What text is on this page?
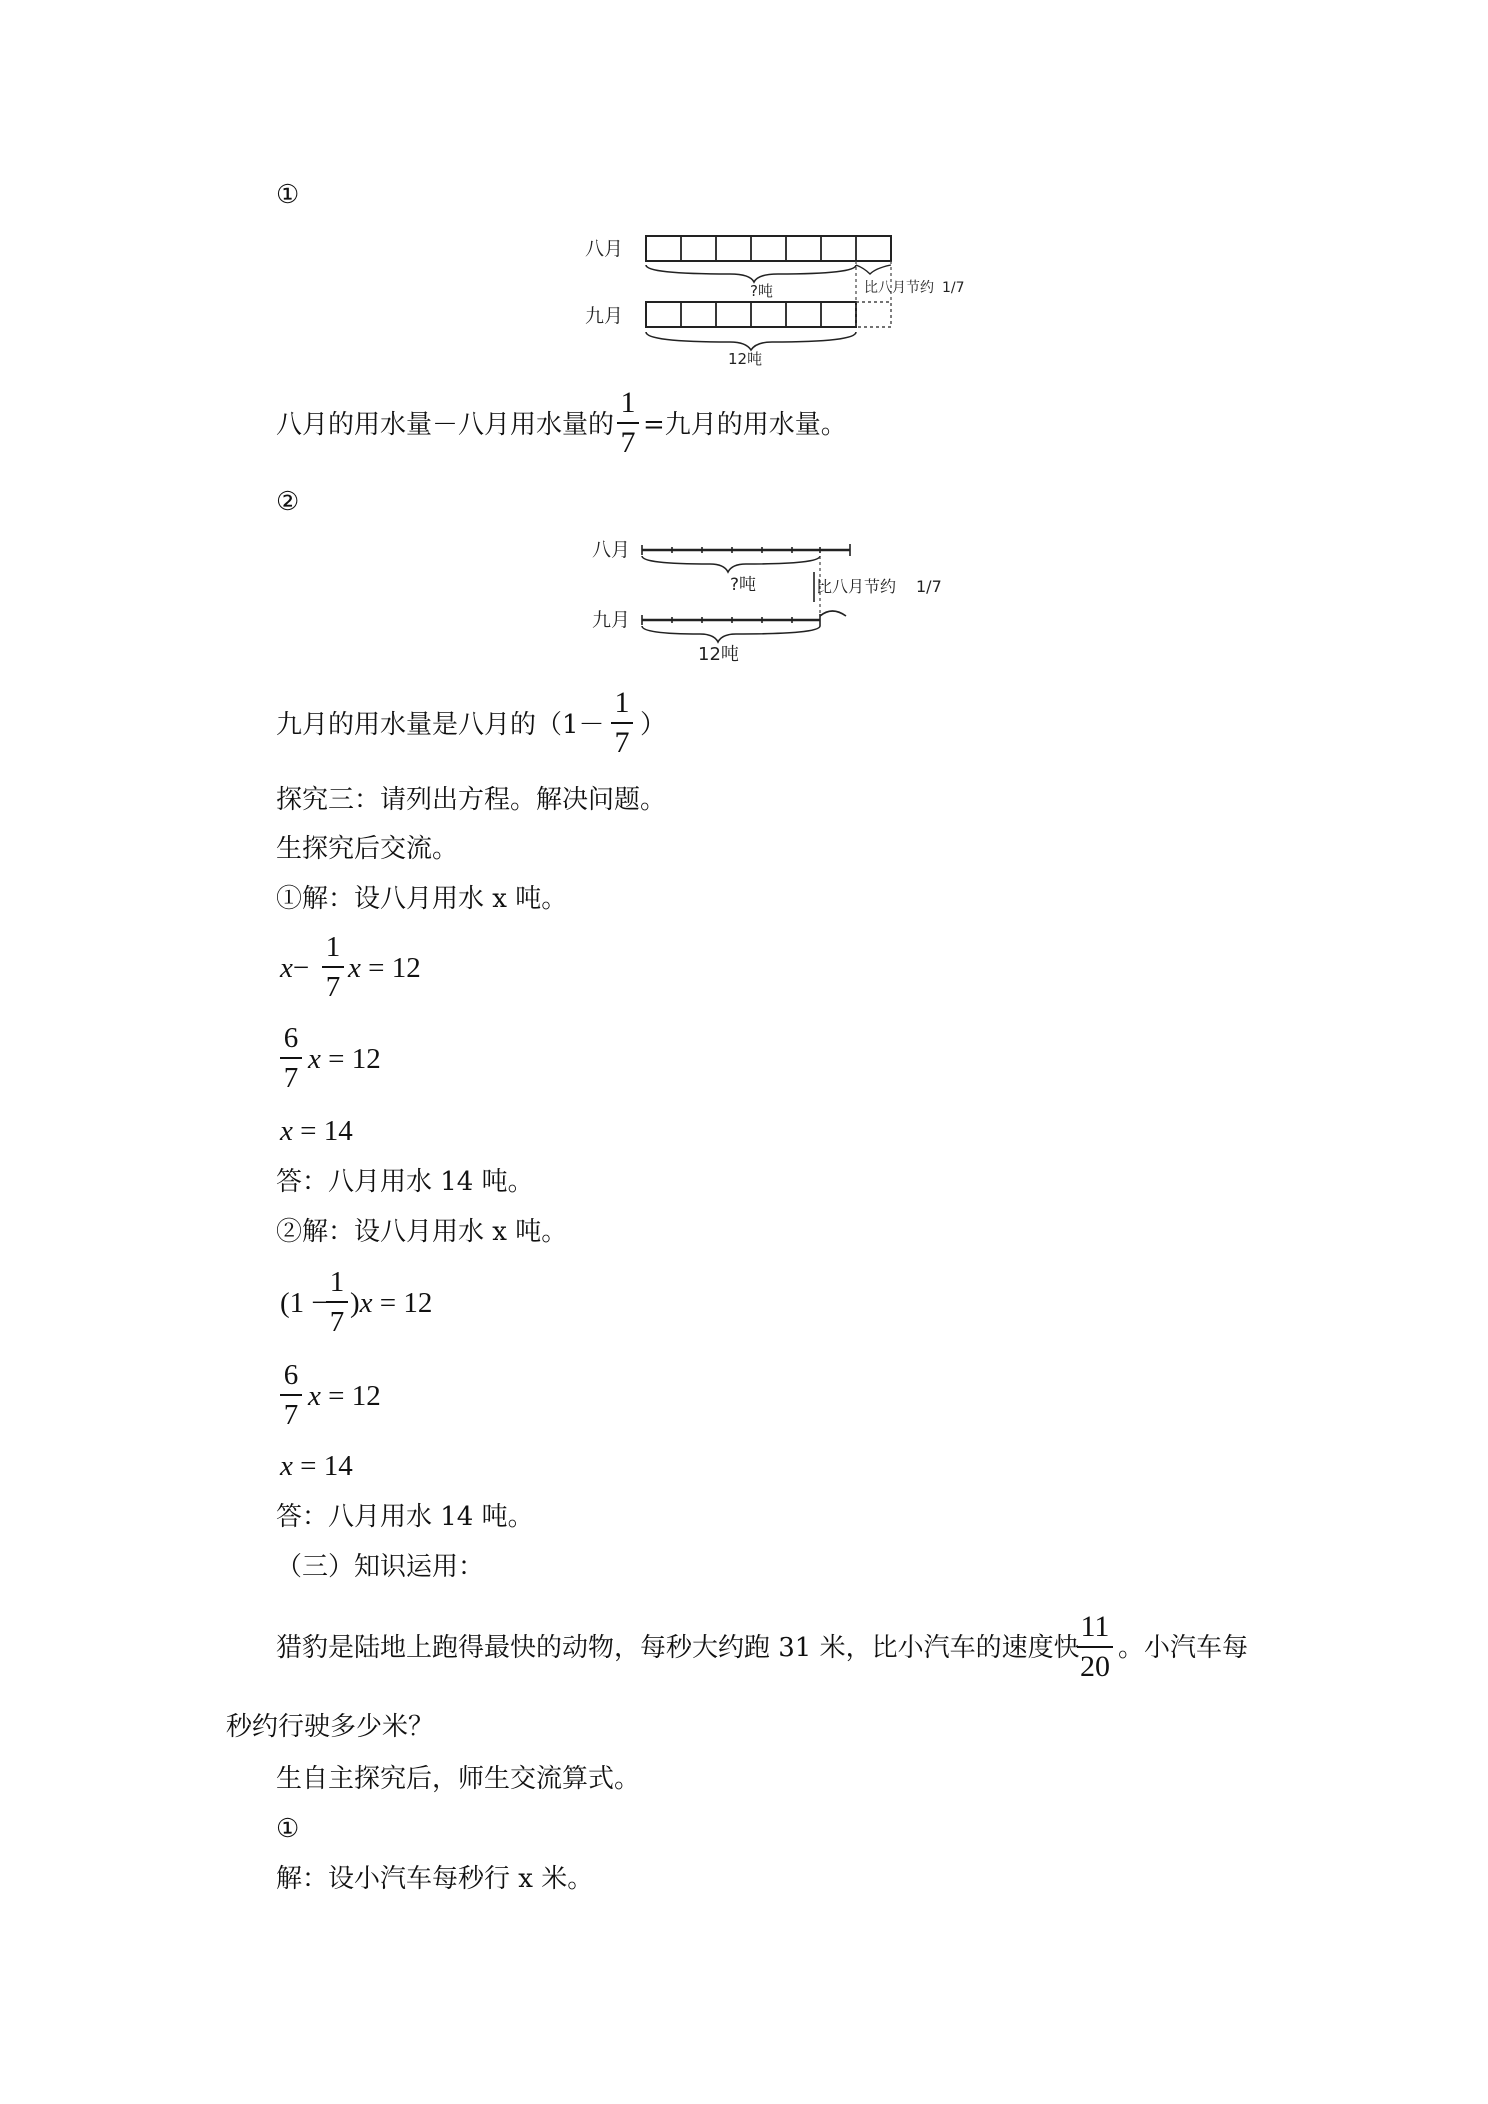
①
八月
?吨	比八月节约 1/7
九月
12吨
八月的用水量－八月用水量的
1
7
=九月的用水量。
②
八月
?吨	比八月节约 1/7
九月
12吨
九月的用水量是八月的（1－
1
7
）
探究三：请列出方程。解决问题。
生探究后交流。
①解：设八月用水 x 吨。
x−
1
7
x = 12
6
7
x = 12
x = 14
答：八月用水 14 吨。
②解：设八月用水 x 吨。
(1 −
1
7
)x = 12
6
7
x = 12
x = 14
答：八月用水 14 吨。
（三）知识运用：
猎豹是陆地上跑得最快的动物，每秒大约跑 31 米，比小汽车的速度快
11
20
。小汽车每
秒约行驶多少米？
生自主探究后，师生交流算式。
①
解：设小汽车每秒行 x 米。
